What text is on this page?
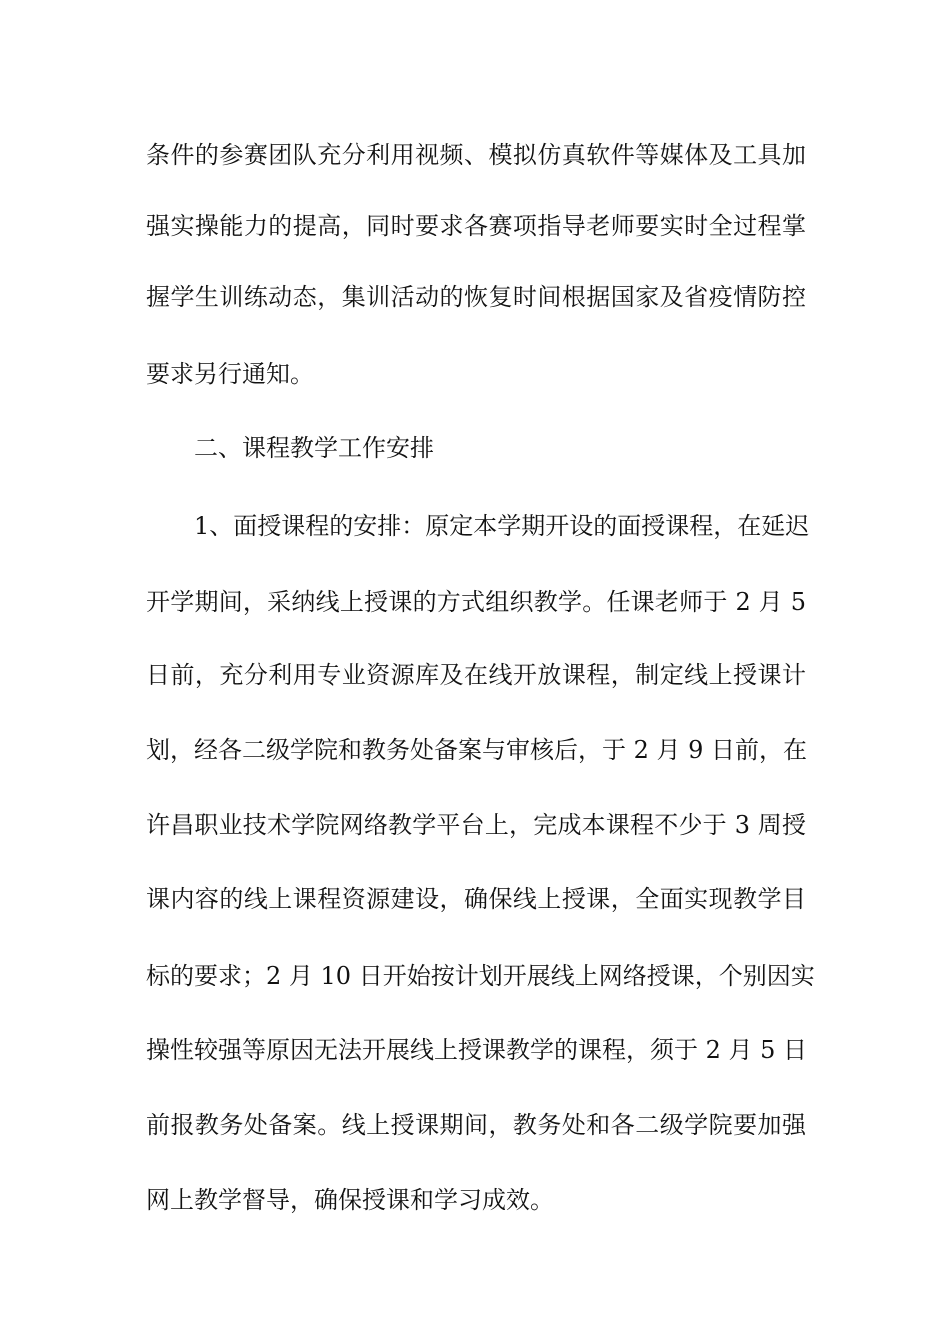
条件的参赛团队充分利用视频、模拟仿真软件等媒体及工具加
强实操能力的提高，同时要求各赛项指导老师要实时全过程掌
握学生训练动态，集训活动的恢复时间根据国家及省疫情防控
要求另行通知。
二、课程教学工作安排
1、面授课程的安排：原定本学期开设的面授课程，在延迟
开学期间，采纳线上授课的方式组织教学。任课老师于 2 月 5
日前，充分利用专业资源库及在线开放课程，制定线上授课计
划，经各二级学院和教务处备案与审核后，于 2 月 9 日前，在
许昌职业技术学院网络教学平台上，完成本课程不少于 3 周授
课内容的线上课程资源建设，确保线上授课，全面实现教学目
标的要求；2 月 10 日开始按计划开展线上网络授课，个别因实
操性较强等原因无法开展线上授课教学的课程，须于 2 月 5 日
前报教务处备案。线上授课期间，教务处和各二级学院要加强
网上教学督导，确保授课和学习成效。
